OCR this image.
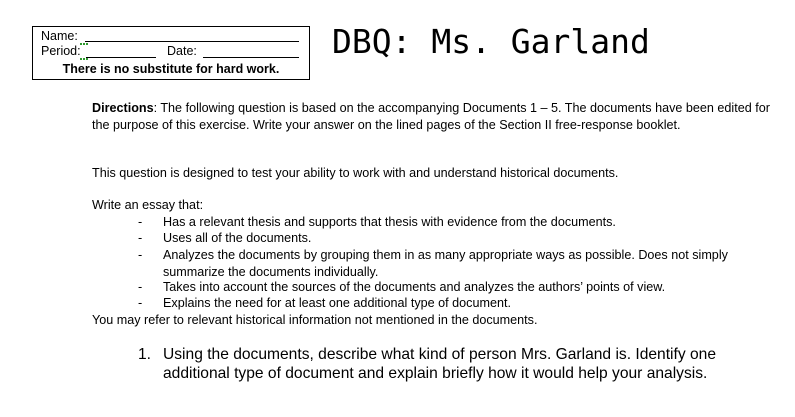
Name:
Period:	Date:
There is no substitute for hard work.
DBQ: Ms. Garland
Directions: The following question is based on the accompanying Documents 1 – 5. The documents have been edited for the purpose of this exercise. Write your answer on the lined pages of the Section II free-response booklet.
This question is designed to test your ability to work with and understand historical documents.
Write an essay that:
-	Has a relevant thesis and supports that thesis with evidence from the documents.
-	Uses all of the documents.
-	Analyzes the documents by grouping them in as many appropriate ways as possible. Does not simply summarize the documents individually.
-	Takes into account the sources of the documents and analyzes the authors’ points of view.
-	Explains the need for at least one additional type of document.
You may refer to relevant historical information not mentioned in the documents.
1. Using the documents, describe what kind of person Mrs. Garland is. Identify one additional type of document and explain briefly how it would help your analysis.
